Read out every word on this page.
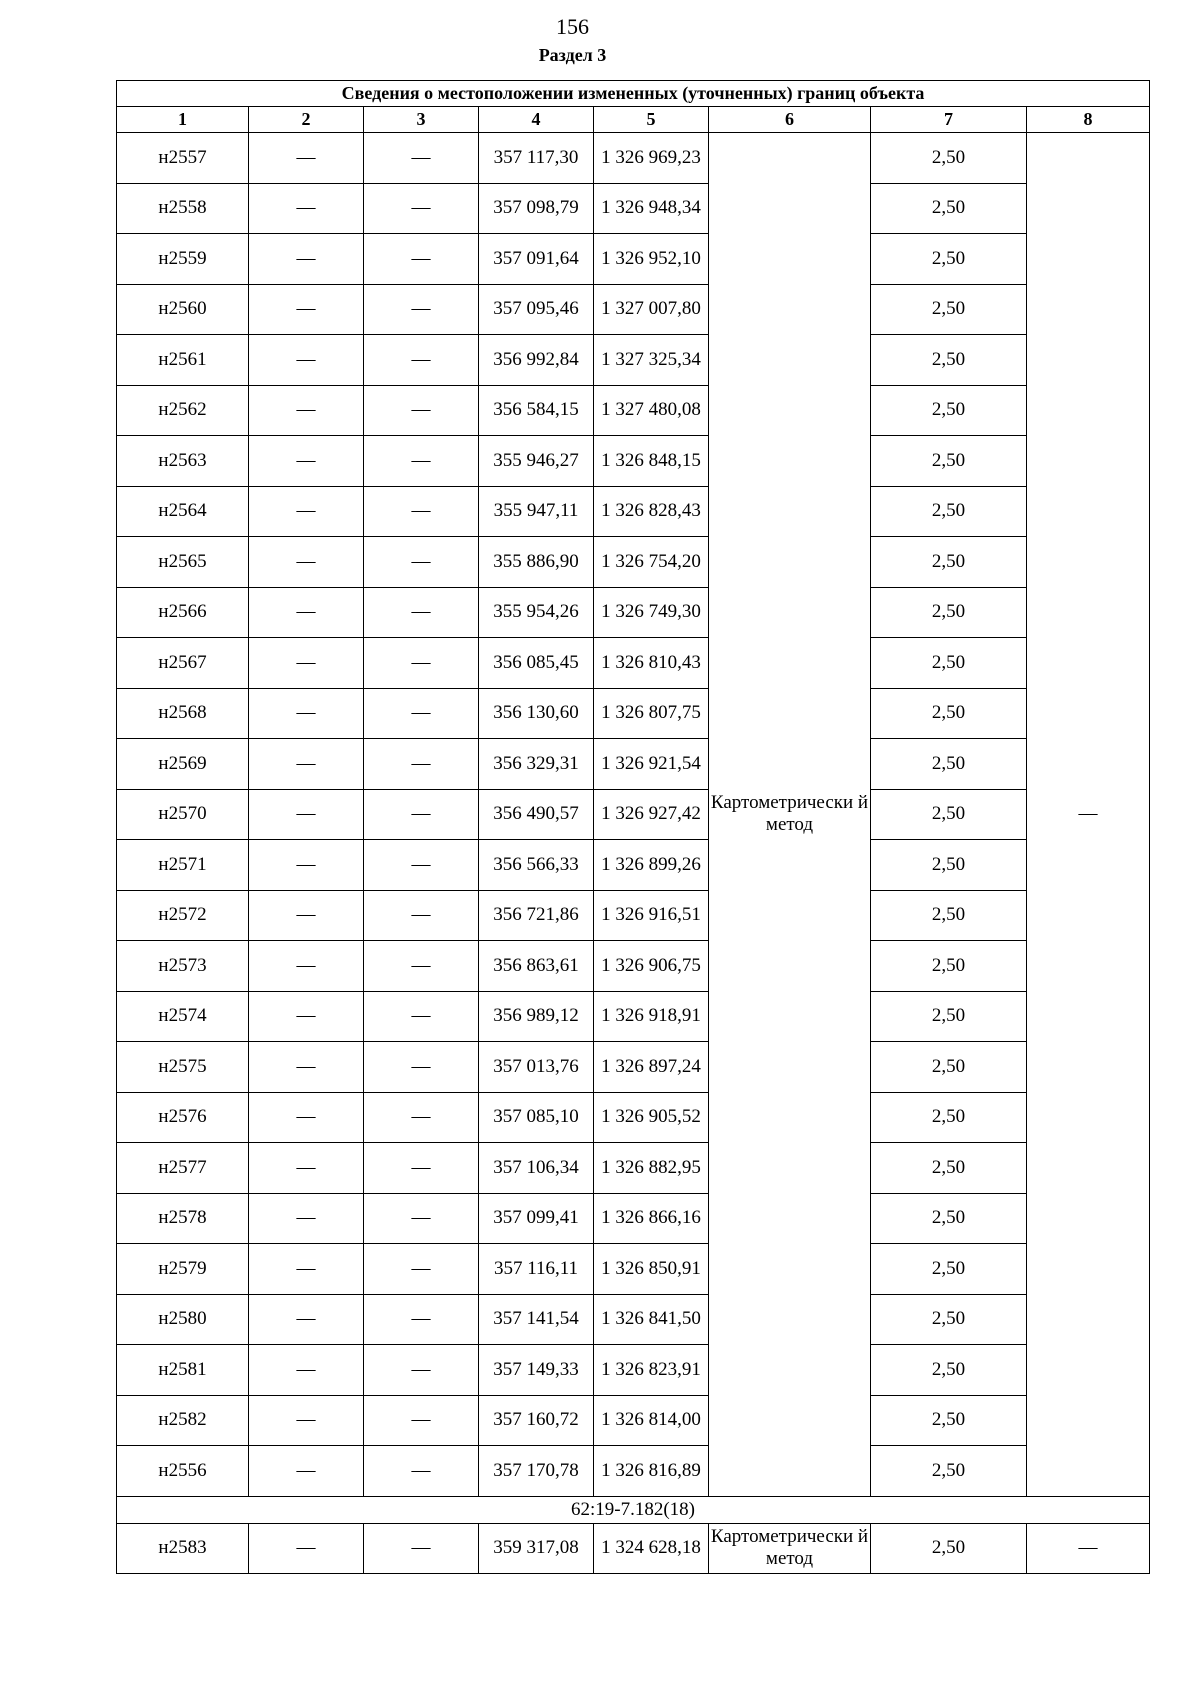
156
Раздел 3
Сведения о местоположении измененных (уточненных) границ объекта							
1	2	3	4	5	6	7	8
н2557	—	—	357 117,30	1 326 969,23	Картометрически й метод	2,50	—
н2558	—	—	357 098,79	1 326 948,34		2,50	
н2559	—	—	357 091,64	1 326 952,10		2,50	
н2560	—	—	357 095,46	1 327 007,80		2,50	
н2561	—	—	356 992,84	1 327 325,34		2,50	
н2562	—	—	356 584,15	1 327 480,08		2,50	
н2563	—	—	355 946,27	1 326 848,15		2,50	
н2564	—	—	355 947,11	1 326 828,43		2,50	
н2565	—	—	355 886,90	1 326 754,20		2,50	
н2566	—	—	355 954,26	1 326 749,30		2,50	
н2567	—	—	356 085,45	1 326 810,43		2,50	
н2568	—	—	356 130,60	1 326 807,75		2,50	
н2569	—	—	356 329,31	1 326 921,54		2,50	
н2570	—	—	356 490,57	1 326 927,42		2,50	
н2571	—	—	356 566,33	1 326 899,26		2,50	
н2572	—	—	356 721,86	1 326 916,51		2,50	
н2573	—	—	356 863,61	1 326 906,75		2,50	
н2574	—	—	356 989,12	1 326 918,91		2,50	
н2575	—	—	357 013,76	1 326 897,24		2,50	
н2576	—	—	357 085,10	1 326 905,52		2,50	
н2577	—	—	357 106,34	1 326 882,95		2,50	
н2578	—	—	357 099,41	1 326 866,16		2,50	
н2579	—	—	357 116,11	1 326 850,91		2,50	
н2580	—	—	357 141,54	1 326 841,50		2,50	
н2581	—	—	357 149,33	1 326 823,91		2,50	
н2582	—	—	357 160,72	1 326 814,00		2,50	
н2556	—	—	357 170,78	1 326 816,89		2,50	
62:19-7.182(18)							
н2583	—	—	359 317,08	1 324 628,18	Картометрически й метод	2,50	—
